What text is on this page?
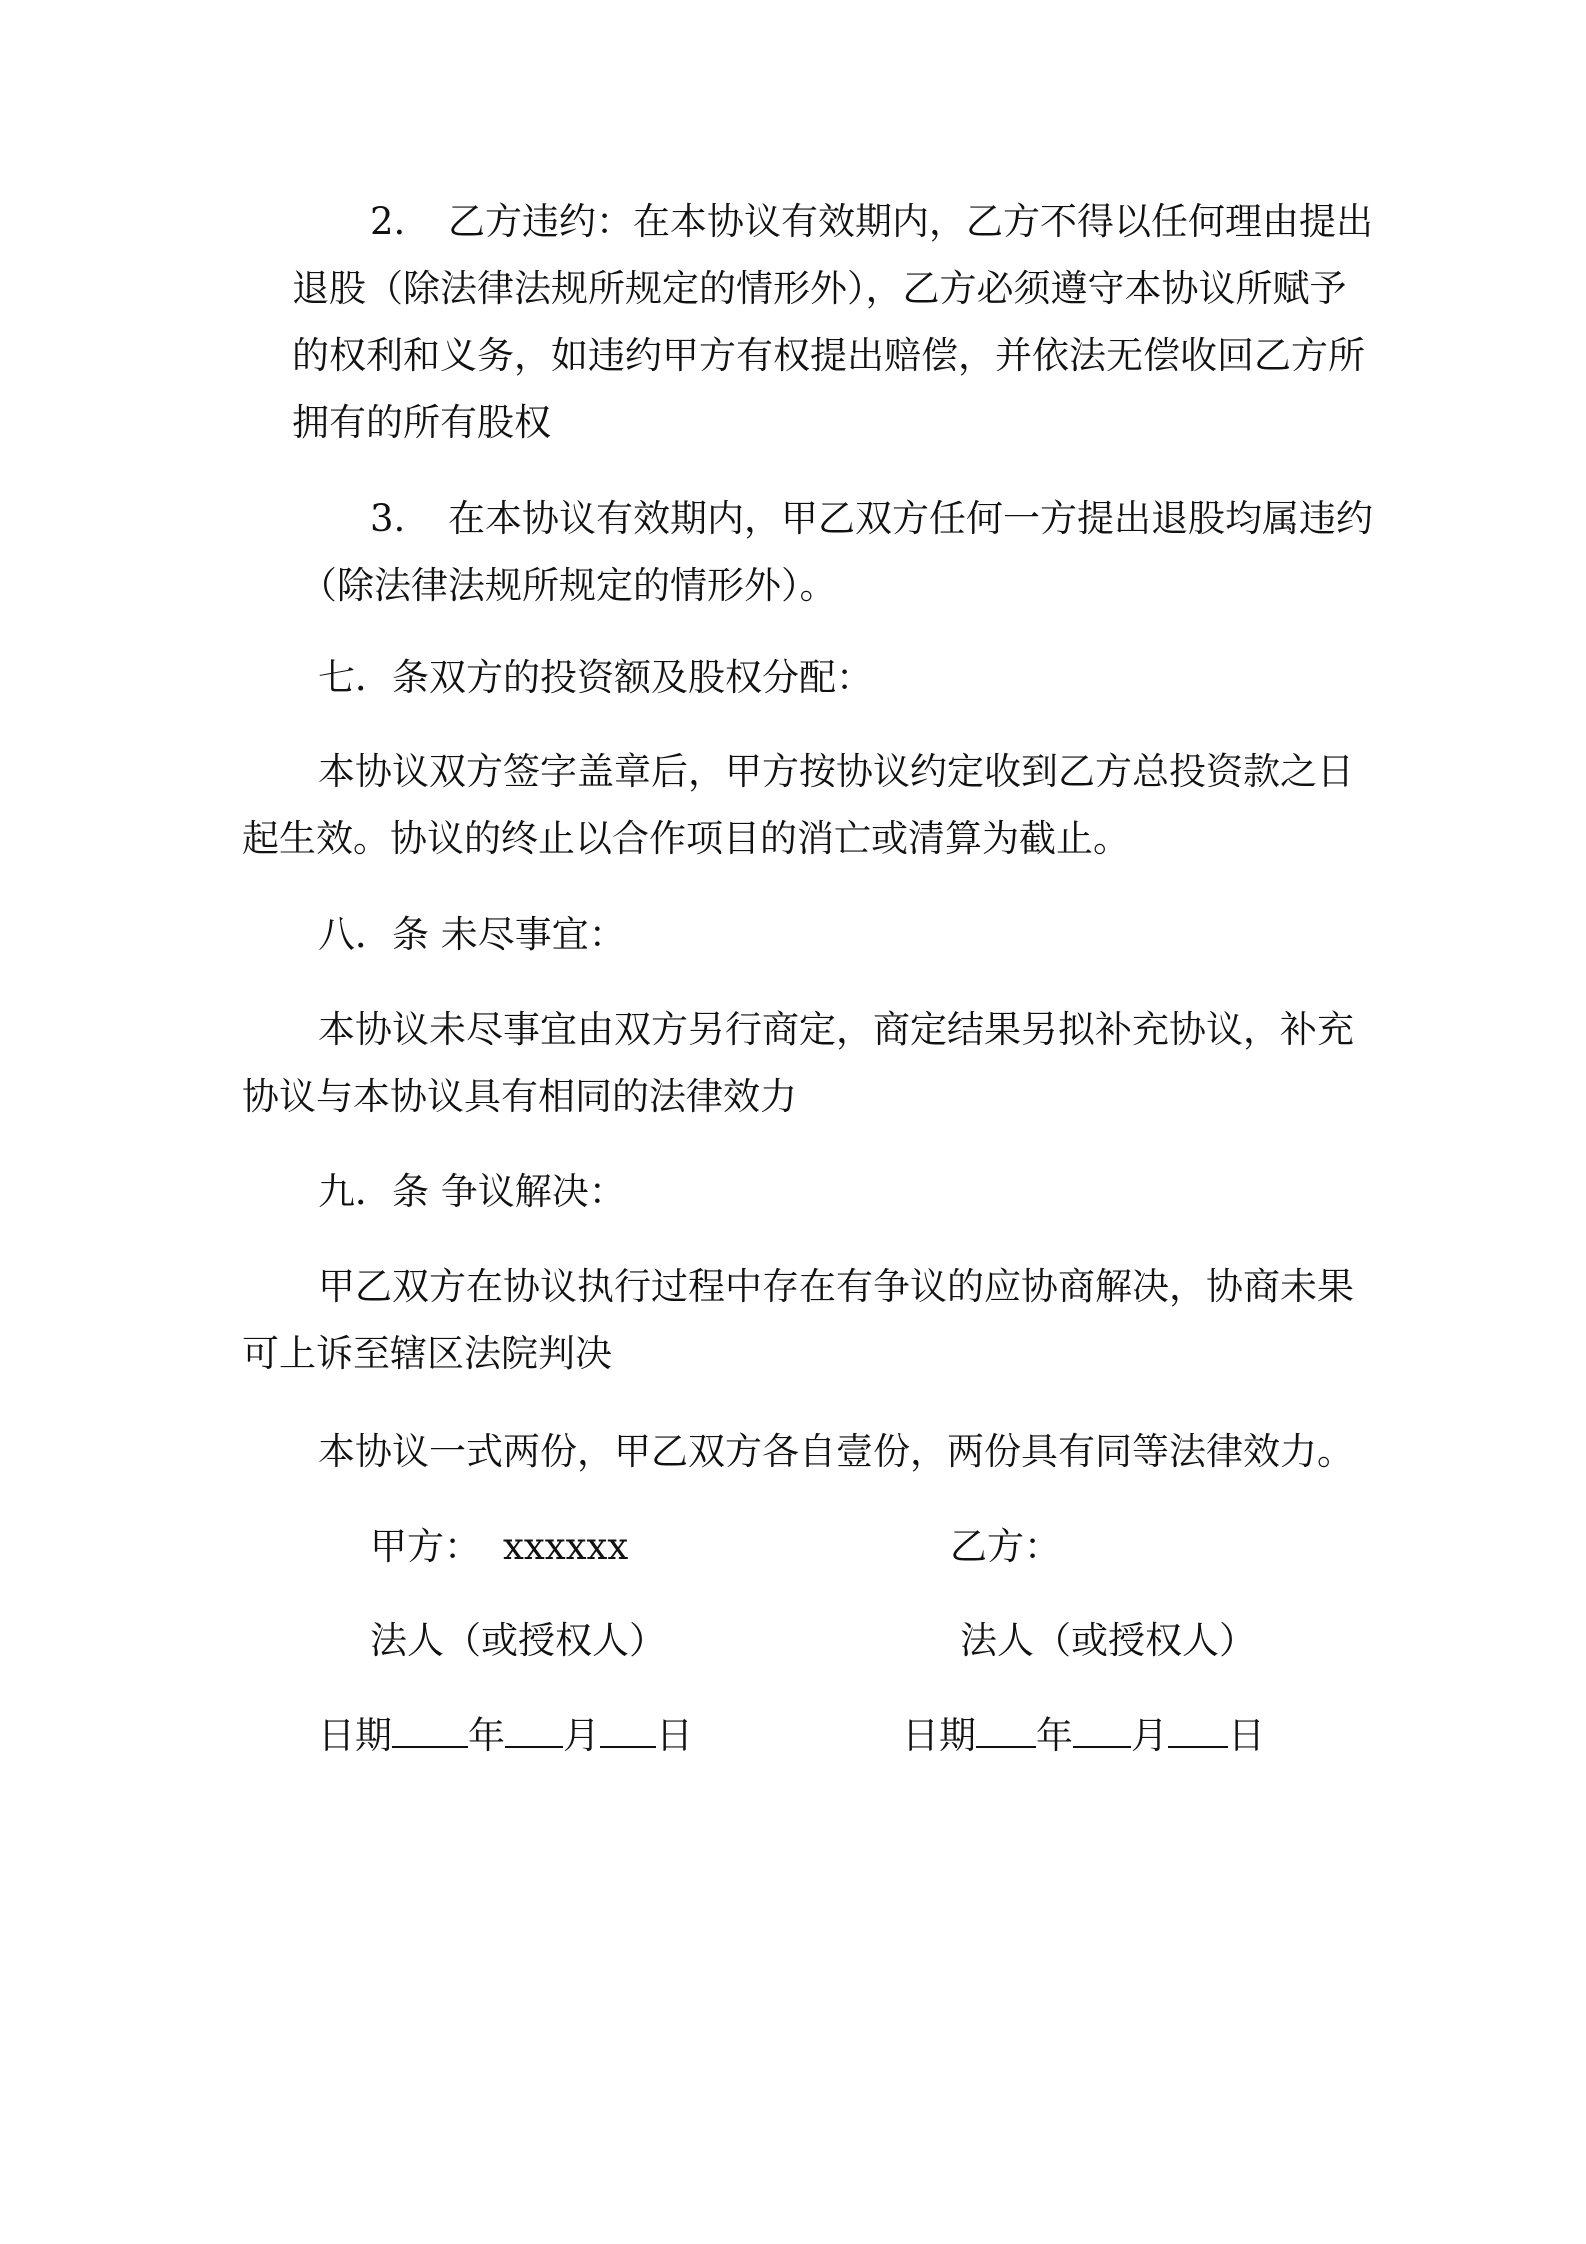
2. 乙方违约：在本协议有效期内，乙方不得以任何理由提出

退股（除法律法规所规定的情形外），乙方必须遵守本协议所赋予

的权利和义务，如违约甲方有权提出赔偿，并依法无偿收回乙方所

拥有的所有股权

3. 在本协议有效期内，甲乙双方任何一方提出退股均属违约

（除法律法规所规定的情形外）。

七．条双方的投资额及股权分配：

本协议双方签字盖章后，甲方按协议约定收到乙方总投资款之日

起生效。协议的终止以合作项目的消亡或清算为截止。

八．条 未尽事宜：

本协议未尽事宜由双方另行商定，商定结果另拟补充协议，补充

协议与本协议具有相同的法律效力

九．条 争议解决：

甲乙双方在协议执行过程中存在有争议的应协商解决，协商未果

可上诉至辖区法院判决

本协议一式两份，甲乙双方各自壹份，两份具有同等法律效力。

甲方： xxxxxx	乙方：

法人（或授权人）	法人（或授权人）

日期 年 月 日	日期 年 月 日
